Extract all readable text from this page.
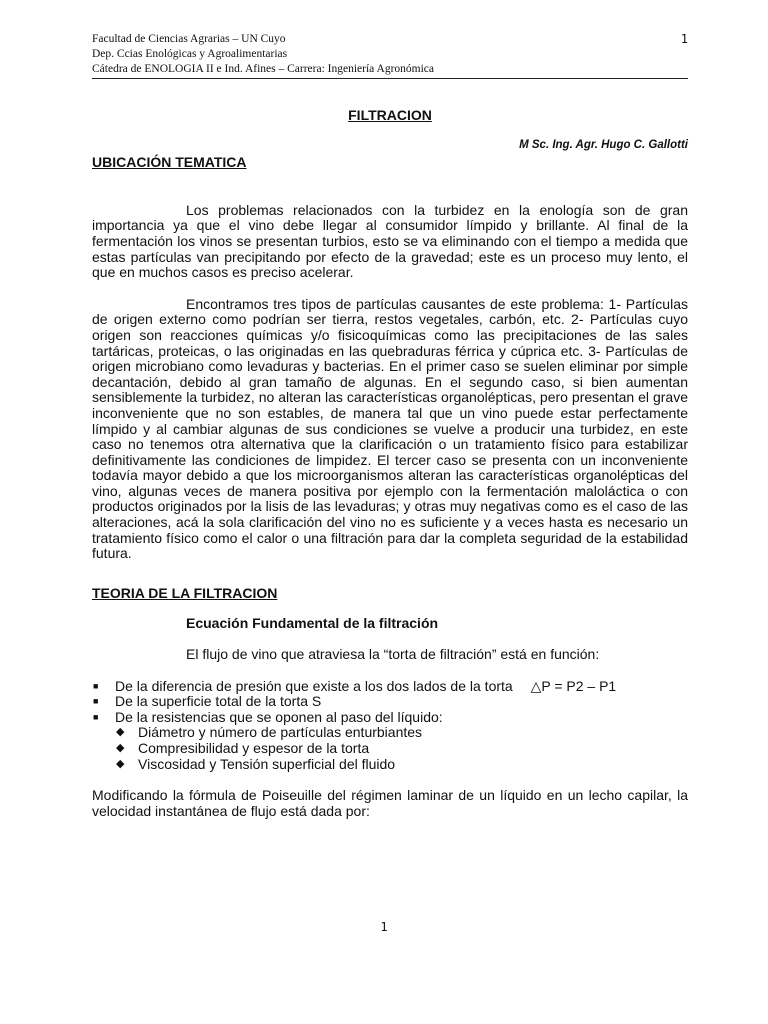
Facultad de Ciencias Agrarias – UN Cuyo
Dep. Ccias Enológicas y Agroalimentarias
Cátedra de ENOLOGIA II e Ind. Afines – Carrera: Ingeniería Agronómica
1

FILTRACION

M Sc. Ing. Agr. Hugo C. Gallotti

UBICACIÓN TEMATICA

Los problemas relacionados con la turbidez en la enología son de gran importancia ya que el vino debe llegar al consumidor límpido y brillante. Al final de la fermentación los vinos se presentan turbios, esto se va eliminando con el tiempo a medida que estas partículas van precipitando por efecto de la gravedad; este es un proceso muy lento, el que en muchos casos es preciso acelerar.

Encontramos tres tipos de partículas causantes de este problema: 1- Partículas de origen externo como podrían ser tierra, restos vegetales, carbón, etc. 2- Partículas cuyo origen son reacciones químicas y/o fisicoquímicas como las precipitaciones de las sales tartáricas, proteicas, o las originadas en las quebraduras férrica y cúprica etc. 3- Partículas de origen microbiano como levaduras y bacterias. En el primer caso se suelen eliminar por simple decantación, debido al gran tamaño de algunas. En el segundo caso, si bien aumentan sensiblemente la turbidez, no alteran las características organolépticas, pero presentan el grave inconveniente que no son estables, de manera tal que un vino puede estar perfectamente límpido y al cambiar algunas de sus condiciones se vuelve a producir una turbidez, en este caso no tenemos otra alternativa que la clarificación o un tratamiento físico para estabilizar definitivamente las condiciones de limpidez. El tercer caso se presenta con un inconveniente todavía mayor debido a que los microorganismos alteran las características organolépticas del vino, algunas veces de manera positiva por ejemplo con la fermentación maloláctica o con productos originados por la lisis de las levaduras; y otras muy negativas como es el caso de las alteraciones, acá la sola clarificación del vino no es suficiente y a veces hasta es necesario un tratamiento físico como el calor o una filtración para dar la completa seguridad de la estabilidad futura.

TEORIA DE LA FILTRACION

Ecuación Fundamental de la filtración

El flujo de vino que atraviesa la “torta de filtración” está en función:

■ De la diferencia de presión que existe a los dos lados de la torta △P = P2 – P1
■ De la superficie total de la torta S
■ De la resistencias que se oponen al paso del líquido:
◆ Diámetro y número de partículas enturbiantes
◆ Compresibilidad y espesor de la torta
◆ Viscosidad y Tensión superficial del fluido

Modificando la fórmula de Poiseuille del régimen laminar de un líquido en un lecho capilar, la velocidad instantánea de flujo está dada por:

1
